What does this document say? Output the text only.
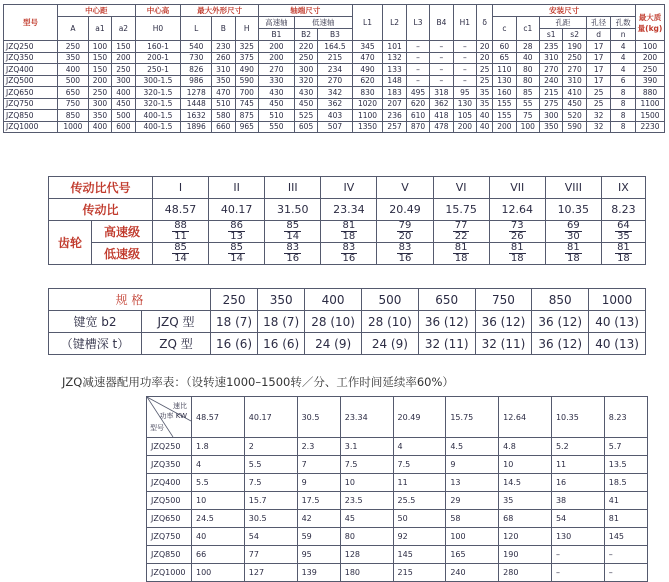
型号	中心距			中心高	最大外形尺寸			轴端尺寸			L1	L2	L3	B4	H1	δ	安装尺寸						最大质量(kg)
	A	a1	a2	H0	L	B	H	高速轴	低速轴								c	c1	孔距		孔径	孔数	
								B1	B2	B3									s1	s2	d	n	
JZQ250	250	100	150	160-1	540	230	325	200	220	164.5	345	101	–	–	–	20	60	28	235	190	17	4	100
JZQ350	350	150	200	200-1	730	260	375	200	250	215	470	132	–	–	–	20	65	40	310	250	17	4	200
JZQ400	400	150	250	250-1	826	310	490	270	300	234	490	133	–	–	–	25	110	80	270	270	17	4	250
JZQ500	500	200	300	300-1.5	986	350	590	330	320	270	620	148	–	–	–	25	130	80	240	310	17	6	390
JZQ650	650	250	400	320-1.5	1278	470	700	430	430	342	830	183	495	318	95	35	160	85	215	410	25	8	880
JZQ750	750	300	450	320-1.5	1448	510	745	450	450	362	1020	207	620	362	130	35	155	55	275	450	25	8	1100
JZQ850	850	350	500	400-1.5	1632	580	875	510	525	403	1100	236	610	418	105	40	155	75	300	520	32	8	1500
JZQ1000	1000	400	600	400-1.5	1896	660	965	550	605	507	1350	257	870	478	200	40	200	100	350	590	32	8	2230
传动比代号		I	II	III	IV	V	VI	VII	VIII	IX
传动比		48.57	40.17	31.50	23.34	20.49	15.75	12.64	10.35	8.23
齿轮	高速级	$\frac{88}{11}$	$\frac{86}{13}$	$\frac{85}{14}$	$\frac{81}{18}$	$\frac{79}{20}$	$\frac{77}{22}$	$\frac{73}{26}$	$\frac{69}{30}$	$\frac{64}{35}$

	低速级	$\frac{85}{14}$	$\frac{85}{14}$	$\frac{83}{16}$	$\frac{83}{16}$	$\frac{83}{16}$	$\frac{81}{18}$	$\frac{81}{18}$	$\frac{81}{18}$	$\frac{81}{18}$
规 格		250	350	400	500	650	750	850	1000
键宽 b2	JZQ 型	18 (7)	18 (7)	28 (10)	28 (10)	36 (12)	36 (12)	36 (12)	40 (13)
（键槽深 t）	ZQ 型	16 (6)	16 (6)	24 (9)	24 (9)	32 (11)	32 (11)	36 (12)	40 (13)
JZQ减速器配用功率表：（设转速1000–1500转／分、工作时间延续率60%）
速比
功率 KW
型号	48.57	40.17	30.5	23.34	20.49	15.75	12.64	10.35	8.23
JZQ250	1.8	2	2.3	3.1	4	4.5	4.8	5.2	5.7
JZQ350	4	5.5	7	7.5	7.5	9	10	11	13.5
JZQ400	5.5	7.5	9	10	11	13	14.5	16	18.5
JZQ500	10	15.7	17.5	23.5	25.5	29	35	38	41
JZQ650	24.5	30.5	42	45	50	58	68	54	81
JZQ750	40	54	59	80	92	100	120	130	145
JZQ850	66	77	95	128	145	165	190	–	–
JZQ1000	100	127	139	180	215	240	280	–	–
